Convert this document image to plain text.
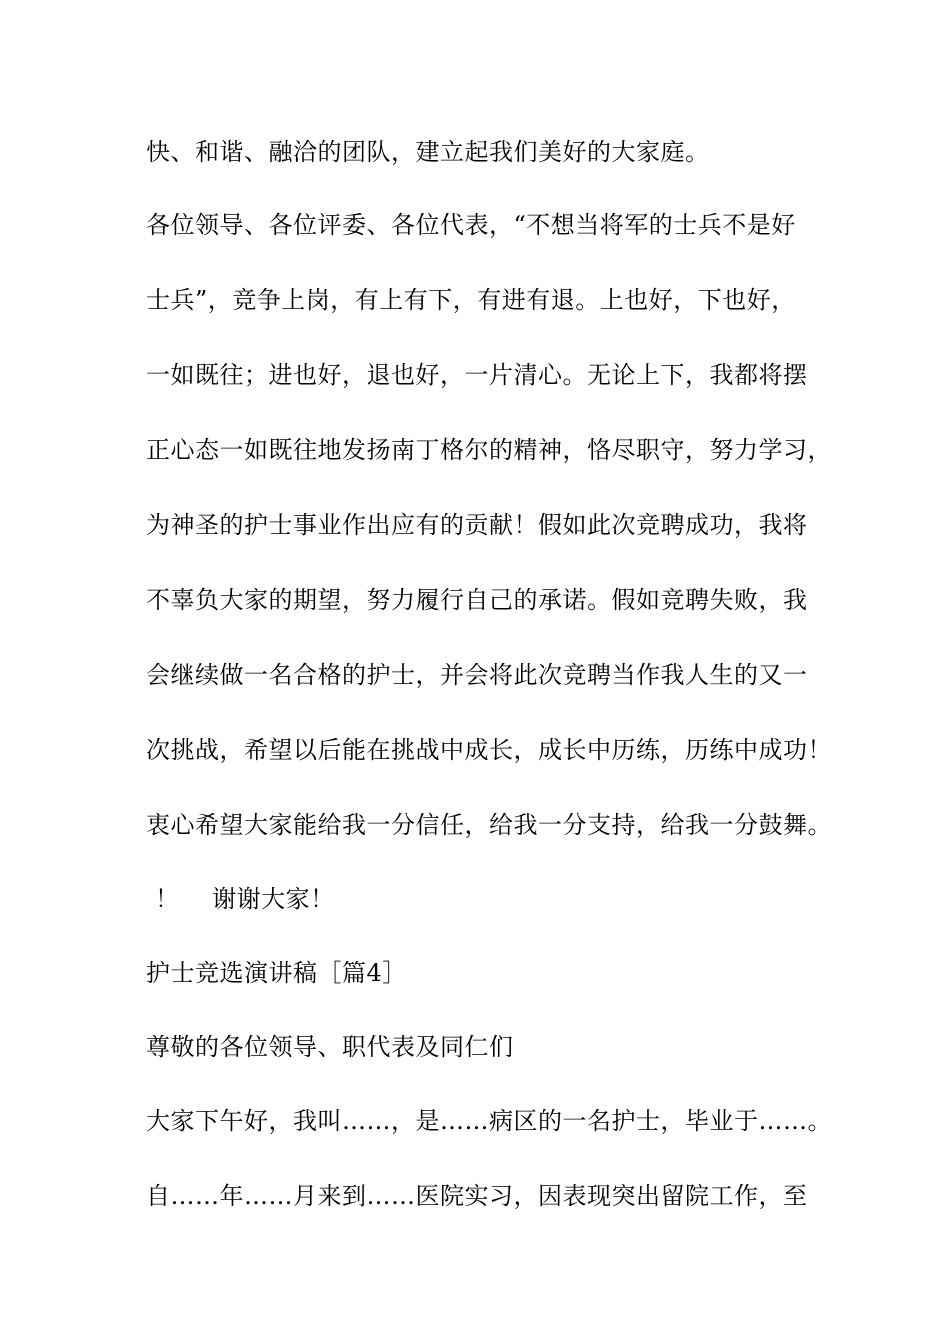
快、和谐、融洽的团队，建立起我们美好的大家庭。
各位领导、各位评委、各位代表，“不想当将军的士兵不是好
士兵”，竞争上岗，有上有下，有进有退。上也好，下也好，
一如既往；进也好，退也好，一片清心。无论上下，我都将摆
正心态一如既往地发扬南丁格尔的精神，恪尽职守，努力学习，
为神圣的护士事业作出应有的贡献！假如此次竞聘成功，我将
不辜负大家的期望，努力履行自己的承诺。假如竞聘失败，我
会继续做一名合格的护士，并会将此次竞聘当作我人生的又一
次挑战，希望以后能在挑战中成长，成长中历练，历练中成功！
衷心希望大家能给我一分信任，给我一分支持，给我一分鼓舞。
！　 谢谢大家！
护士竞选演讲稿［篇4］
尊敬的各位领导、职代表及同仁们
大家下午好，我叫……，是……病区的一名护士，毕业于……。
自……年……月来到……医院实习，因表现突出留院工作，至
